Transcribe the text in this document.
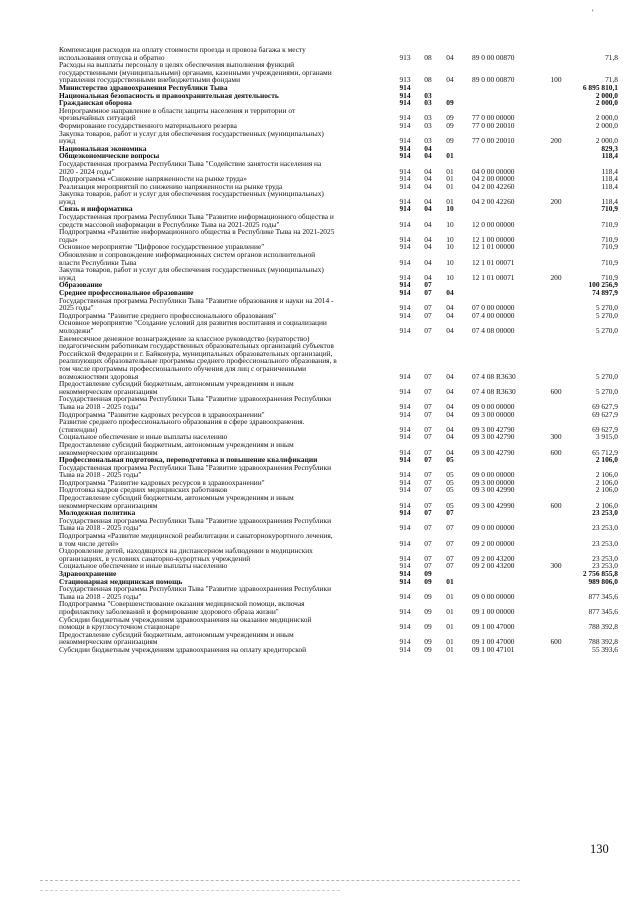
'
Компенсация расходов на оплату стоимости проезда и провоза багажа к месту
использования отпуска и обратно	913	08	04	89 0 00 00870	71,8
Расходы на выплаты персоналу в целях обеспечения выполнения функций
государственными (муниципальными) органами, казенными учреждениями, органами
управления государственными внебюджетными фондами	913	08	04	89 0 00 00870	100	71,8
Министерство здравоохранения Республики Тыва	914	6 895 810,1
Национальная безопасность и правоохранительная деятельность	914	03	2 000,0
Гражданская оборона	914	03	09	2 000,0
Непрограммное направление в области защиты населения и территории от
чрезвычайных ситуаций	914	03	09	77 0 00 00000	2 000,0
Формирование государственного материального резерва	914	03	09	77 0 00 20010	2 000,0
Закупка товаров, работ и услуг для обеспечения государственных (муниципальных)
нужд	914	03	09	77 0 00 20010	200	2 000,0
Национальная экономика	914	04	829,3
Общеэкономические вопросы	914	04	01	118,4
Государственная программа Республики Тыва "Содействие занятости населения на
2020 - 2024 годы"	914	04	01	04 0 00 00000	118,4
Подпрограмма «Снижение напряженности на рынке труда»	914	04	01	04 2 00 00000	118,4
Реализация мероприятий по снижению напряженности на рынке труда	914	04	01	04 2 00 42260	118,4
Закупка товаров, работ и услуг для обеспечения государственных (муниципальных)
нужд	914	04	01	04 2 00 42260	200	118,4
Связь и информатика	914	04	10	710,9
Государственная программа Республики Тыва "Развитие информационного общества и
средств массовой информации в Республике Тыва на 2021-2025 годы"	914	04	10	12 0 00 00000	710,9
Подпрограмма «Развитие информационного общества в Республике Тыва на 2021-2025
годы»	914	04	10	12 1 00 00000	710,9
Основное мероприятие "Цифровое государственное управление"	914	04	10	12 1 01 00000	710,9
Обновление и сопровождение информационных систем органов исполнительной
власти Республики Тыва	914	04	10	12 1 01 00071	710,9
Закупка товаров, работ и услуг для обеспечения государственных (муниципальных)
нужд	914	04	10	12 1 01 00071	200	710,9
Образование	914	07	100 256,9
Среднее профессиональное образование	914	07	04	74 897,9
Государственная программа Республики Тыва "Развитие образования и науки на 2014 -
2025 годы"	914	07	04	07 0 00 00000	5 270,0
Подпрограмма "Развитие среднего профессионального образования"	914	07	04	07 4 00 00000	5 270,0
Основное мероприятие "Создание условий для развития воспитания и социализации
молодежи"	914	07	04	07 4 08 00000	5 270,0
Ежемесячное денежное вознаграждение за классное руководство (кураторство)
педагогическим работникам государственных образовательных организаций субъектов
Российской Федерации и г. Байконура, муниципальных образовательных организаций,
реализующих образовательные программы среднего профессионального образования, в
том числе программы профессионального обучения для лиц с ограниченными
возможностями здоровья	914	07	04	07 4 08 R3630	5 270,0
Предоставление субсидий бюджетным, автономным учреждениям и иным
некоммерческим организациям	914	07	04	07 4 08 R3630	600	5 270,0
Государственная программа Республики Тыва "Развитие здравоохранения Республики
Тыва на 2018 - 2025 годы"	914	07	04	09 0 00 00000	69 627,9
Подпрограмма "Развитие кадровых ресурсов в здравоохранении"	914	07	04	09 3 00 00000	69 627,9
Развитие среднего профессионального образования в сфере здравоохранения.
(стипендии)	914	07	04	09 3 00 42790	69 627,9
Социальное обеспечение и иные выплаты населению	914	07	04	09 3 00 42790	300	3 915,0
Предоставление субсидий бюджетным, автономным учреждениям и иным
некоммерческим организациям	914	07	04	09 3 00 42790	600	65 712,9
Профессиональная подготовка, переподготовка и повышение квалификации	914	07	05	2 106,0
Государственная программа Республики Тыва "Развитие здравоохранения Республики
Тыва на 2018 - 2025 годы"	914	07	05	09 0 00 00000	2 106,0
Подпрограмма "Развитие кадровых ресурсов в здравоохранении"	914	07	05	09 3 00 00000	2 106,0
Подготовка кадров средних медицинских работников	914	07	05	09 3 00 42990	2 106,0
Предоставление субсидий бюджетным, автономным учреждениям и иным
некоммерческим организациям	914	07	05	09 3 00 42990	600	2 106,0
Молодежная политика	914	07	07	23 253,0
Государственная программа Республики Тыва "Развитие здравоохранения Республики
Тыва на 2018 - 2025 годы"	914	07	07	09 0 00 00000	23 253,0
Подпрограмма «Развитие медицинской реабилитации и санаторнокурортного лечения,
в том числе детей»	914	07	07	09 2 00 00000	23 253,0
Оздоровление детей, находящихся на диспансерном наблюдении в медицинских
организациях, в условиях санаторно-курортных учреждений	914	07	07	09 2 00 43200	23 253,0
Социальное обеспечение и иные выплаты населению	914	07	07	09 2 00 43200	300	23 253,0
Здравоохранение	914	09	2 756 855,8
Стационарная медицинская помощь	914	09	01	989 806,0
Государственная программа Республики Тыва "Развитие здравоохранения Республики
Тыва на 2018 - 2025 годы"	914	09	01	09 0 00 00000	877 345,6
Подпрограмма "Совершенствование оказания медицинской помощи, включая
профилактику заболеваний и формирование здорового образа жизни"	914	09	01	09 1 00 00000	877 345,6
Субсидии бюджетным учреждениям здравоохранения на оказание медицинской
помощи в круглосуточном стационаре	914	09	01	09 1 00 47000	788 392,8
Предоставление субсидий бюджетным, автономным учреждениям и иным
некоммерческим организациям	914	09	01	09 1 00 47000	600	788 392,8
Субсидии бюджетным учреждениям здравоохранения на оплату кредиторской	914	09	01	09 1 00 47101	55 393,6
130
